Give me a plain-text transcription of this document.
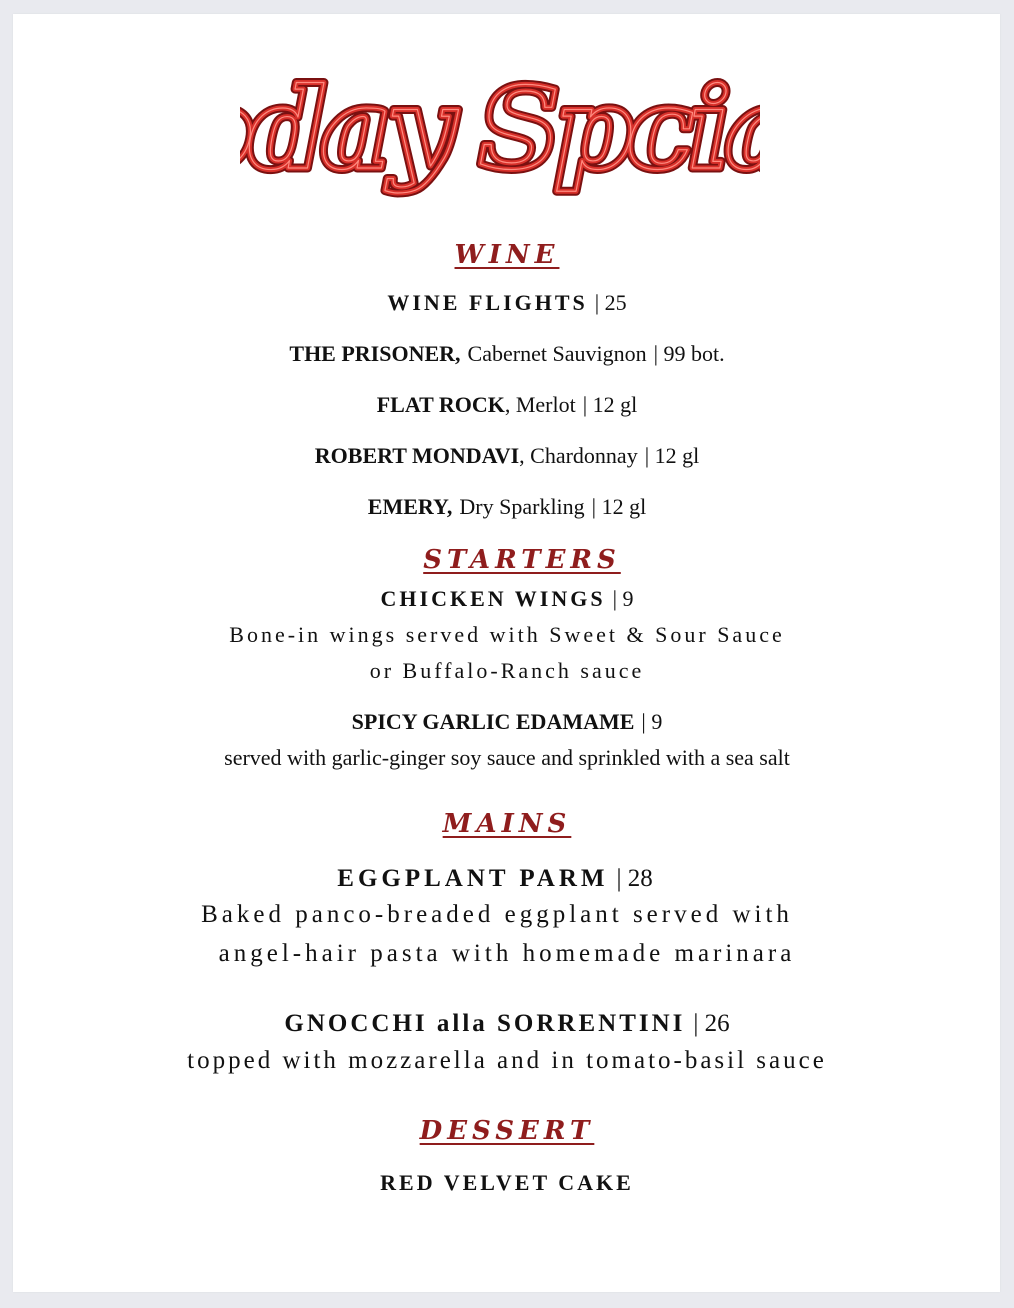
day Spci
day Spci
day Spci
WINE
WINE FLIGHTS | 25
THE PRISONER, Cabernet Sauvignon | 99 bot.
FLAT ROCK, Merlot | 12 gl
ROBERT MONDAVI, Chardonnay | 12 gl
EMERY, Dry Sparkling | 12 gl
STARTERS
CHICKEN WINGS | 9
Bone-in wings served with Sweet & Sour Sauce
or Buffalo-Ranch sauce
SPICY GARLIC EDAMAME | 9
served with garlic-ginger soy sauce and sprinkled with a sea salt
MAINS
EGGPLANT PARM | 28
Baked panco-breaded eggplant served with
angel-hair pasta with homemade marinara
GNOCCHI alla SORRENTINI | 26
topped with mozzarella and in tomato-basil sauce
DESSERT
RED VELVET CAKE
